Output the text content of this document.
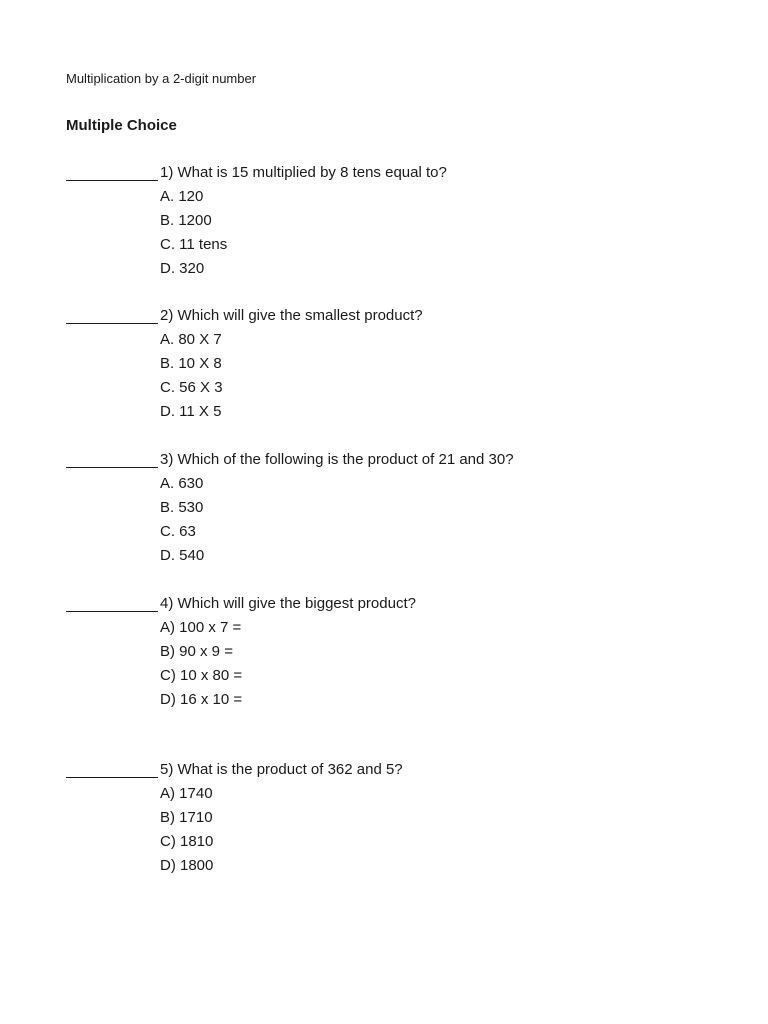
Multiplication by a 2-digit number
Multiple Choice
1) What is 15 multiplied by 8 tens equal to?
A. 120
B. 1200
C. 11 tens
D. 320
2) Which will give the smallest product?
A. 80 X 7
B. 10 X 8
C. 56 X 3
D. 11 X 5
3) Which of the following is the product of 21 and 30?
A. 630
B. 530
C. 63
D. 540
4) Which will give the biggest product?
A) 100 x 7 =
B) 90 x 9 =
C) 10 x 80 =
D) 16 x 10 =
5) What is the product of 362 and 5?
A) 1740
B) 1710
C) 1810
D) 1800
